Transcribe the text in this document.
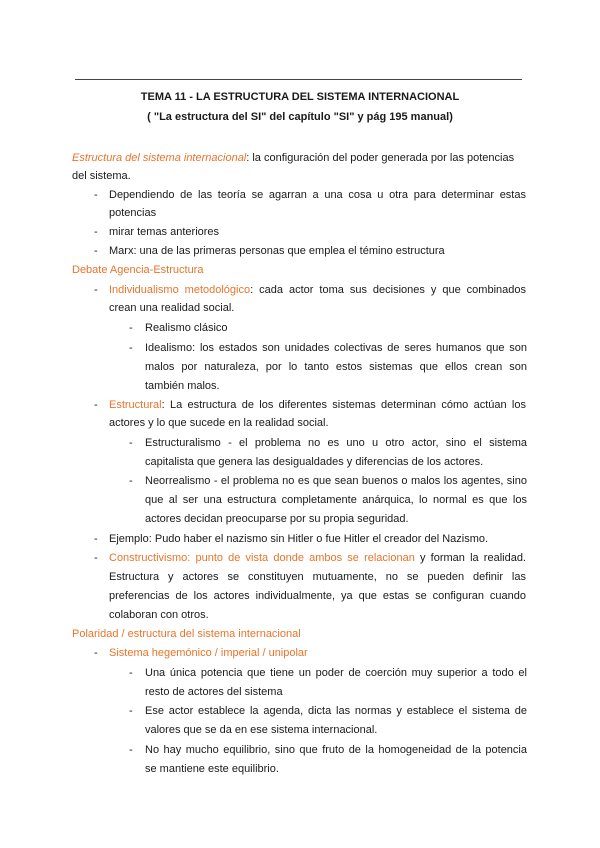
TEMA 11 - LA ESTRUCTURA DEL SISTEMA INTERNACIONAL
( "La estructura del SI" del capítulo "SI" y pág 195 manual)
Estructura del sistema internacional: la configuración del poder generada por las potencias
del sistema.
- Dependiendo de las teoría se agarran a una cosa u otra para determinar estas
potencias
- mirar temas anteriores
- Marx: una de las primeras personas que emplea el témino estructura
Debate Agencia-Estructura
- Individualismo metodológico: cada actor toma sus decisiones y que combinados
crean una realidad social.
- Realismo clásico
- Idealismo: los estados son unidades colectivas de seres humanos que son
malos por naturaleza, por lo tanto estos sistemas que ellos crean son
también malos.
- Estructural: La estructura de los diferentes sistemas determinan cómo actúan los
actores y lo que sucede en la realidad social.
- Estructuralismo - el problema no es uno u otro actor, sino el sistema
capitalista que genera las desigualdades y diferencias de los actores.
- Neorrealismo - el problema no es que sean buenos o malos los agentes, sino
que al ser una estructura completamente anárquica, lo normal es que los
actores decidan preocuparse por su propia seguridad.
- Ejemplo: Pudo haber el nazismo sin Hitler o fue Hitler el creador del Nazismo.
- Constructivismo: punto de vista donde ambos se relacionan y forman la realidad.
Estructura y actores se constituyen mutuamente, no se pueden definir las
preferencias de los actores individualmente, ya que estas se configuran cuando
colaboran con otros.
Polaridad / estructura del sistema internacional
- Sistema hegemónico / imperial / unipolar
- Una única potencia que tiene un poder de coerción muy superior a todo el
resto de actores del sistema
- Ese actor establece la agenda, dicta las normas y establece el sistema de
valores que se da en ese sistema internacional.
- No hay mucho equilibrio, sino que fruto de la homogeneidad de la potencia
se mantiene este equilibrio.
